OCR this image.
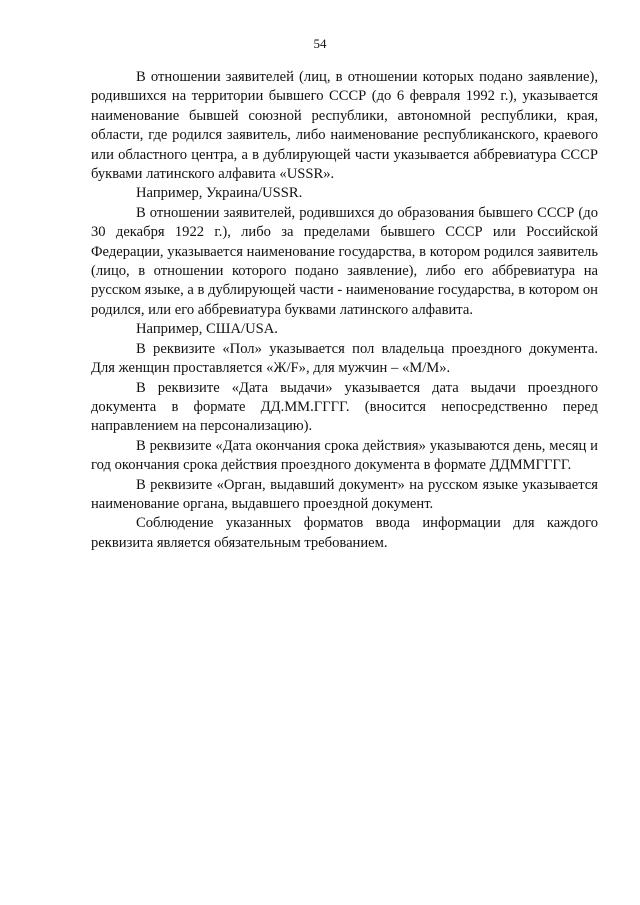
54

В отношении заявителей (лиц, в отношении которых подано заявление), родившихся на территории бывшего СССР (до 6 февраля 1992 г.), указывается наименование бывшей союзной республики, автономной республики, края, области, где родился заявитель, либо наименование республиканского, краевого или областного центра, а в дублирующей части указывается аббревиатура СССР буквами латинского алфавита «USSR».

Например, Украина/USSR.

В отношении заявителей, родившихся до образования бывшего СССР (до 30 декабря 1922 г.), либо за пределами бывшего СССР или Российской Федерации, указывается наименование государства, в котором родился заявитель (лицо, в отношении которого подано заявление), либо его аббревиатура на русском языке, а в дублирующей части - наименование государства, в котором он родился, или его аббревиатура буквами латинского алфавита.

Например, США/USA.

В реквизите «Пол» указывается пол владельца проездного документа. Для женщин проставляется «Ж/F», для мужчин – «М/M».

В реквизите «Дата выдачи» указывается дата выдачи проездного документа в формате ДД.ММ.ГГГГ. (вносится непосредственно перед направлением на персонализацию).

В реквизите «Дата окончания срока действия» указываются день, месяц и год окончания срока действия проездного документа в формате ДДММГГГГ.

В реквизите «Орган, выдавший документ» на русском языке указывается наименование органа, выдавшего проездной документ.

Соблюдение указанных форматов ввода информации для каждого реквизита является обязательным требованием.
